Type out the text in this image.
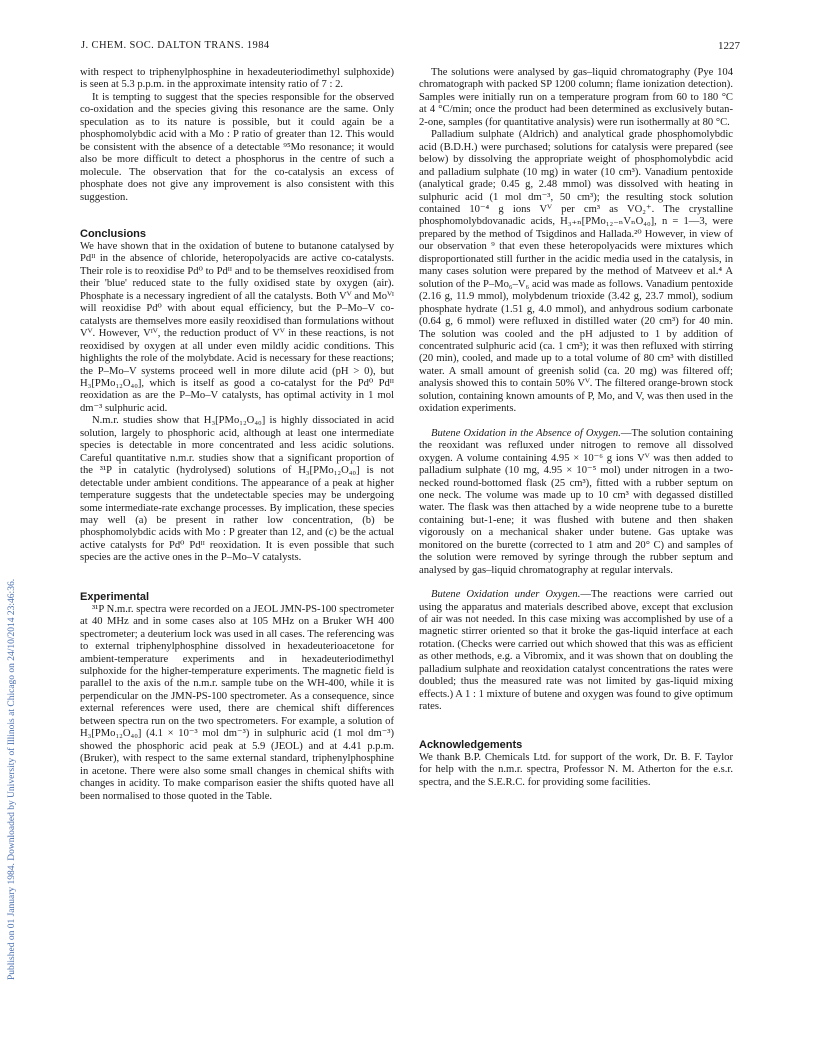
J. CHEM. SOC. DALTON TRANS. 1984	1227
Published on 01 January 1984. Downloaded by University of Illinois at Chicago on 24/10/2014 23:46:36.

with respect to triphenylphosphine in hexadeuteriodimethyl sulphoxide) is seen at 5.3 p.p.m. in the approximate intensity ratio of 7 : 2.

It is tempting to suggest that the species responsible for the observed co-oxidation and the species giving this resonance are the same. Only speculation as to its nature is possible, but it could again be a phosphomolybdic acid with a Mo : P ratio of greater than 12. This would be consistent with the absence of a detectable ⁹⁵Mo resonance; it would also be more difficult to detect a phosphorus in the centre of such a molecule. The observation that for the co-catalysis an excess of phosphate does not give any improvement is also consistent with this suggestion.

Conclusions

We have shown that in the oxidation of butene to butanone catalysed by Pdᴵᴵ in the absence of chloride, heteropolyacids are active co-catalysts. Their role is to reoxidise Pd⁰ to Pdᴵᴵ and to be themselves reoxidised from their 'blue' reduced state to the fully oxidised state by oxygen (air). Phosphate is a necessary ingredient of all the catalysts. Both Vⱽ and Moⱽᴵ will reoxidise Pd⁰ with about equal efficiency, but the P–Mo–V co-catalysts are themselves more easily reoxidised than formulations without Vⱽ. However, Vᴵⱽ, the reduction product of Vⱽ in these reactions, is not reoxidised by oxygen at all under even mildly acidic conditions. This highlights the role of the molybdate. Acid is necessary for these reactions; the P–Mo–V systems proceed well in more dilute acid (pH > 0), but H₃[PMo₁₂O₄₀], which is itself as good a co-catalyst for the Pd⁰ Pdᴵᴵ reoxidation as are the P–Mo–V catalysts, has optimal activity in 1 mol dm⁻³ sulphuric acid.

N.m.r. studies show that H₃[PMo₁₂O₄₀] is highly dissociated in acid solution, largely to phosphoric acid, although at least one intermediate species is detectable in more concentrated and less acidic solutions. Careful quantitative n.m.r. studies show that a significant proportion of the ³¹P in catalytic (hydrolysed) solutions of H₃[PMo₁₂O₄₀] is not detectable under ambient conditions. The appearance of a peak at higher temperature suggests that the undetectable species may be undergoing some intermediate-rate exchange processes. By implication, these species may well (a) be present in rather low concentration, (b) be phosphomolybdic acids with Mo : P greater than 12, and (c) be the actual active catalysts for Pd⁰ Pdᴵᴵ reoxidation. It is even possible that such species are the active ones in the P–Mo–V catalysts.

Experimental

³¹P N.m.r. spectra were recorded on a JEOL JMN-PS-100 spectrometer at 40 MHz and in some cases also at 105 MHz on a Bruker WH 400 spectrometer; a deuterium lock was used in all cases. The referencing was to external triphenylphosphine dissolved in hexadeuterioacetone for ambient-temperature experiments and in hexadeuteriodimethyl sulphoxide for the higher-temperature experiments. The magnetic field is parallel to the axis of the n.m.r. sample tube on the WH-400, while it is perpendicular on the JMN-PS-100 spectrometer. As a consequence, since external references were used, there are chemical shift differences between spectra run on the two spectrometers. For example, a solution of H₃[PMo₁₂O₄₀] (4.1 × 10⁻³ mol dm⁻³) in sulphuric acid (1 mol dm⁻³) showed the phosphoric acid peak at 5.9 (JEOL) and at 4.41 p.p.m. (Bruker), with respect to the same external standard, triphenylphosphine in acetone. There were also some small changes in chemical shifts with changes in acidity. To make comparison easier the shifts quoted have all been normalised to those quoted in the Table.

The solutions were analysed by gas–liquid chromatography (Pye 104 chromatograph with packed SP 1200 column; flame ionization detection). Samples were initially run on a temperature program from 60 to 180 °C at 4 °C/min; once the product had been determined as exclusively butan-2-one, samples (for quantitative analysis) were run isothermally at 80 °C.

Palladium sulphate (Aldrich) and analytical grade phosphomolybdic acid (B.D.H.) were purchased; solutions for catalysis were prepared (see below) by dissolving the appropriate weight of phosphomolybdic acid and palladium sulphate (10 mg) in water (10 cm³). Vanadium pentoxide (analytical grade; 0.45 g, 2.48 mmol) was dissolved with heating in sulphuric acid (1 mol dm⁻³, 50 cm³); the resulting stock solution contained 10⁻⁴ g ions Vⱽ per cm³ as VO₂⁺. The crystalline phosphomolybdovanadic acids, H₃₊ₙ[PMo₁₂₋ₙVₙO₄₀], n = 1—3, were prepared by the method of Tsigdinos and Hallada.²⁰ However, in view of our observation ⁹ that even these heteropolyacids were mixtures which disproportionated still further in the acidic media used in the catalysis, in many cases solution were prepared by the method of Matveev et al.⁴ A solution of the P–Mo₆–V₆ acid was made as follows. Vanadium pentoxide (2.16 g, 11.9 mmol), molybdenum trioxide (3.42 g, 23.7 mmol), sodium phosphate hydrate (1.51 g, 4.0 mmol), and anhydrous sodium carbonate (0.64 g, 6 mmol) were refluxed in distilled water (20 cm³) for 40 min. The solution was cooled and the pH adjusted to 1 by addition of concentrated sulphuric acid (ca. 1 cm³); it was then refluxed with stirring (20 min), cooled, and made up to a total volume of 80 cm³ with distilled water. A small amount of greenish solid (ca. 20 mg) was filtered off; analysis showed this to contain 50% Vⱽ. The filtered orange-brown stock solution, containing known amounts of P, Mo, and V, was then used in the oxidation experiments.

Butene Oxidation in the Absence of Oxygen.—The solution containing the reoxidant was refluxed under nitrogen to remove all dissolved oxygen. A volume containing 4.95 × 10⁻⁶ g ions Vⱽ was then added to palladium sulphate (10 mg, 4.95 × 10⁻⁵ mol) under nitrogen in a two-necked round-bottomed flask (25 cm³), fitted with a rubber septum on one neck. The volume was made up to 10 cm³ with degassed distilled water. The flask was then attached by a wide neoprene tube to a burette containing but-1-ene; it was flushed with butene and then shaken vigorously on a mechanical shaker under butene. Gas uptake was monitored on the burette (corrected to 1 atm and 20° C) and samples of the solution were removed by syringe through the rubber septum and analysed by gas–liquid chromatography at regular intervals.

Butene Oxidation under Oxygen.—The reactions were carried out using the apparatus and materials described above, except that exclusion of air was not needed. In this case mixing was accomplished by use of a magnetic stirrer oriented so that it broke the gas-liquid interface at each rotation. (Checks were carried out which showed that this was as efficient as other methods, e.g. a Vibromix, and it was shown that on doubling the palladium sulphate and reoxidation catalyst concentrations the rates were doubled; thus the measured rate was not limited by gas-liquid mixing effects.) A 1 : 1 mixture of butene and oxygen was found to give optimum rates.

Acknowledgements

We thank B.P. Chemicals Ltd. for support of the work, Dr. B. F. Taylor for help with the n.m.r. spectra, Professor N. M. Atherton for the e.s.r. spectra, and the S.E.R.C. for providing some facilities.
